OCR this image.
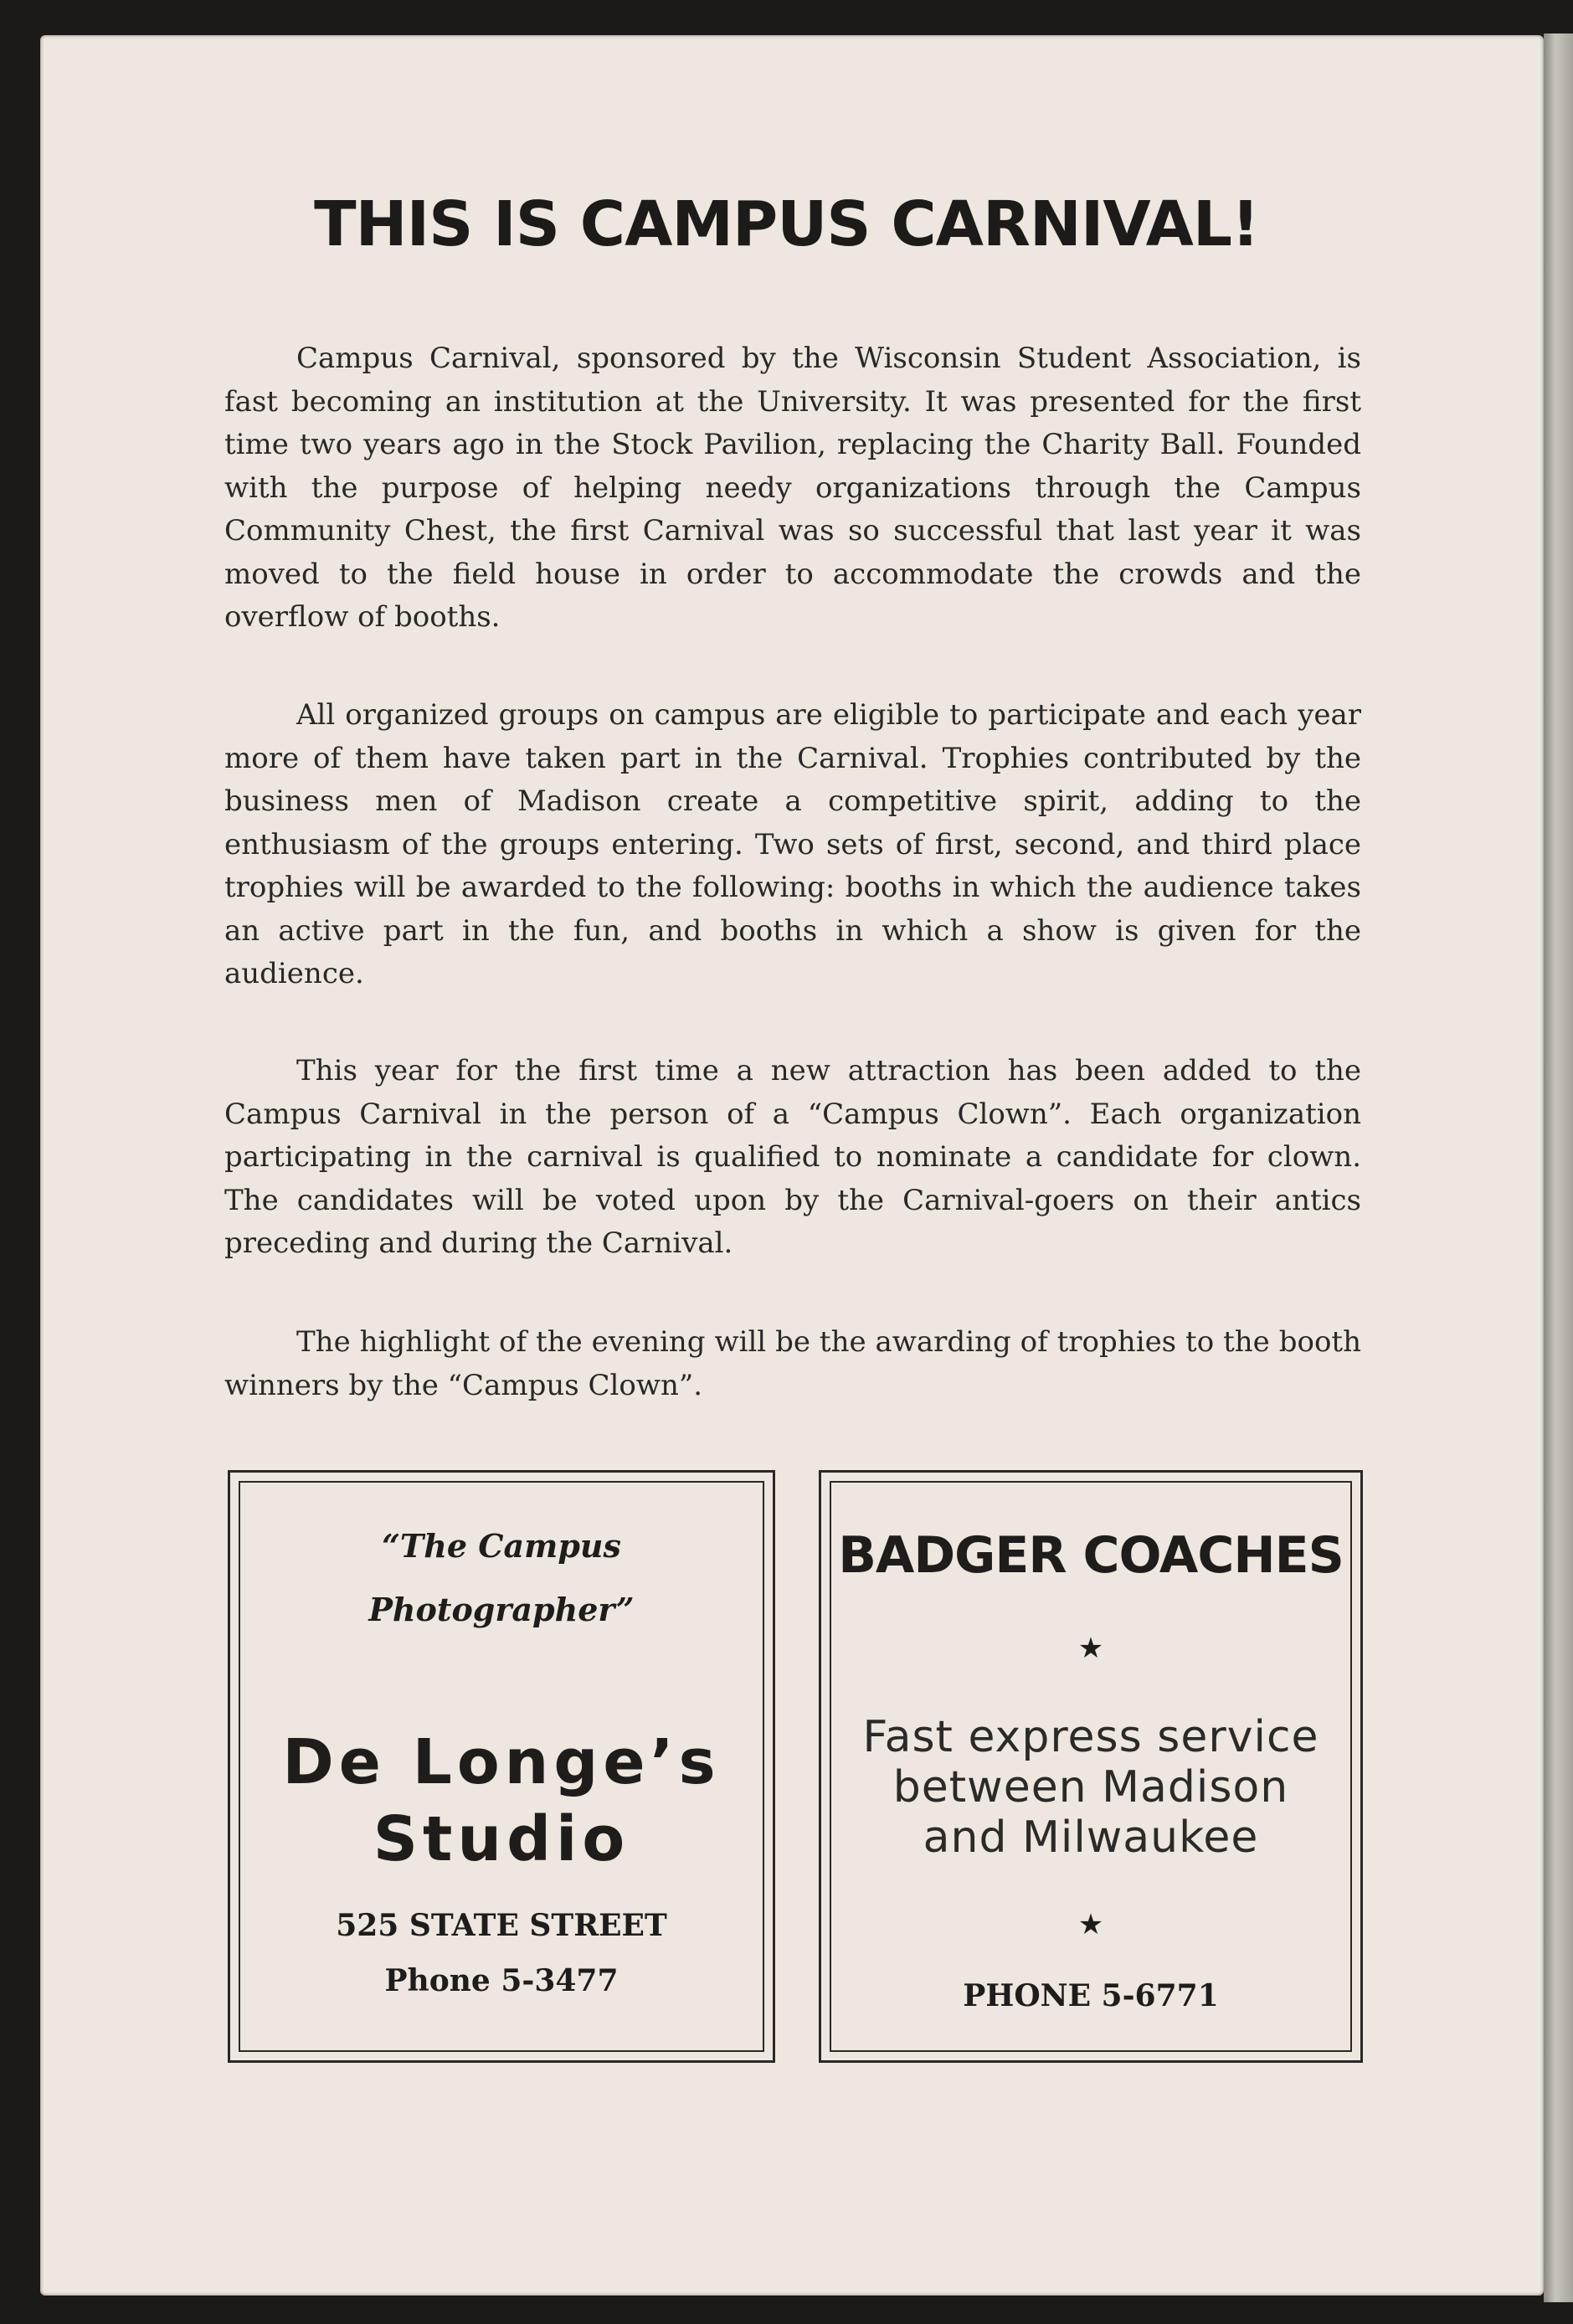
THIS IS CAMPUS CARNIVAL!

Campus Carnival, sponsored by the Wisconsin Student Association, is fast becoming an institution at the University. It was presented for the first time two years ago in the Stock Pavilion, replacing the Charity Ball. Founded with the purpose of helping needy organizations through the Campus Community Chest, the first Carnival was so successful that last year it was moved to the field house in order to accommodate the crowds and the overflow of booths.

All organized groups on campus are eligible to participate and each year more of them have taken part in the Carnival. Trophies contributed by the business men of Madison create a competitive spirit, adding to the enthusiasm of the groups entering. Two sets of first, second, and third place trophies will be awarded to the following: booths in which the audience takes an active part in the fun, and booths in which a show is given for the audience.

This year for the first time a new attraction has been added to the Campus Carnival in the person of a “Campus Clown”. Each organization participating in the carnival is qualified to nominate a candidate for clown. The candidates will be voted upon by the Carnival-goers on their antics preceding and during the Carnival.

The highlight of the evening will be the awarding of trophies to the booth winners by the “Campus Clown”.

“The Campus
Photographer”
De Longe’s
Studio
525 STATE STREET
Phone 5-3477
BADGER COACHES
★
Fast express service
between Madison
and Milwaukee
★
PHONE 5-6771
